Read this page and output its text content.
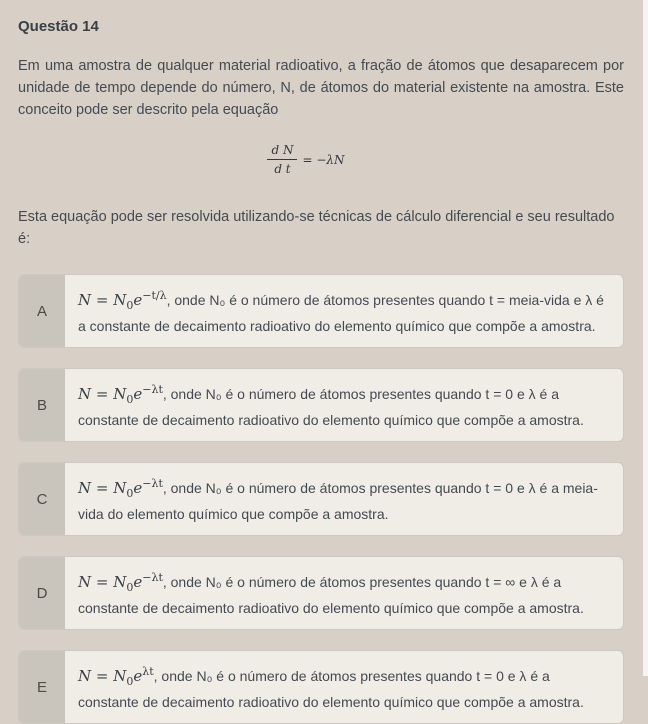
Questão 14

Em uma amostra de qualquer material radioativo, a fração de átomos que desaparecem por unidade de tempo depende do número, N, de átomos do material existente na amostra. Este conceito pode ser descrito pela equação

$\frac{\text{d N}}{\text{d t}} = -\lambda N$

Esta equação pode ser resolvida utilizando-se técnicas de cálculo diferencial e seu resultado é:

A
$N = N_0e^{-t/\lambda}$, onde N₀ é o número de átomos presentes quando t = meia-vida e λ é a constante de decaimento radioativo do elemento químico que compõe a amostra.
B
$N = N_0e^{-\lambda t}$, onde N₀ é o número de átomos presentes quando t = 0 e λ é a constante de decaimento radioativo do elemento químico que compõe a amostra.
C
$N = N_0e^{-\lambda t}$, onde N₀ é o número de átomos presentes quando t = 0 e λ é a meia-vida do elemento químico que compõe a amostra.
D
$N = N_0e^{-\lambda t}$, onde N₀ é o número de átomos presentes quando t = ∞ e λ é a constante de decaimento radioativo do elemento químico que compõe a amostra.
E
$N = N_0e^{\lambda t}$, onde N₀ é o número de átomos presentes quando t = 0 e λ é a constante de decaimento radioativo do elemento químico que compõe a amostra.
